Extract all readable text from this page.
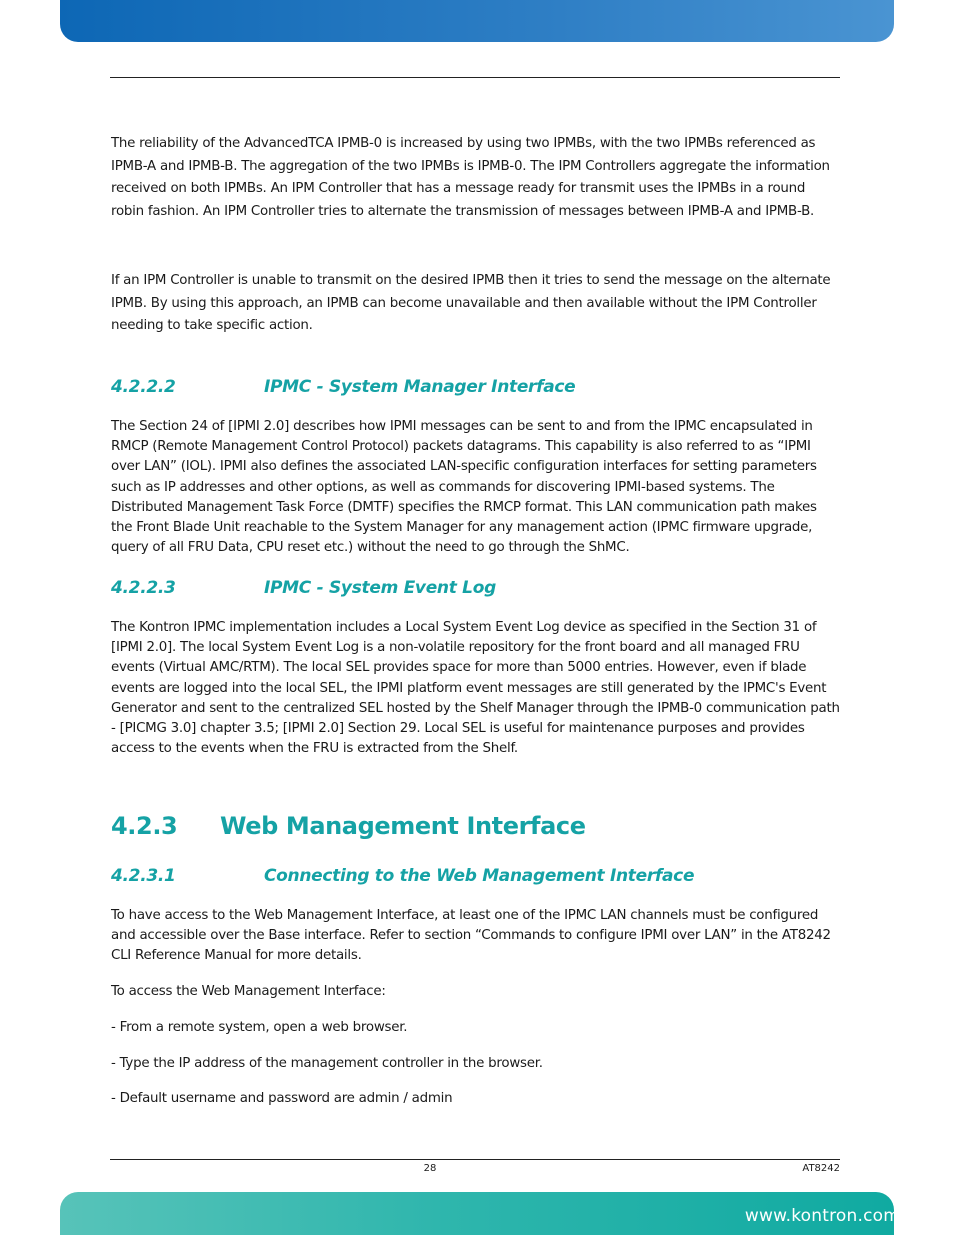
The reliability of the AdvancedTCA IPMB-0 is increased by using two IPMBs, with the two IPMBs referenced as IPMB-A and IPMB-B. The aggregation of the two IPMBs is IPMB-0. The IPM Controllers aggregate the information received on both IPMBs. An IPM Controller that has a message ready for transmit uses the IPMBs in a round robin fashion. An IPM Controller tries to alternate the transmission of messages between IPMB-A and IPMB-B.

If an IPM Controller is unable to transmit on the desired IPMB then it tries to send the message on the alternate IPMB. By using this approach, an IPMB can become unavailable and then available without the IPM Controller needing to take specific action.

4.2.2.2	IPMC - System Manager Interface

The Section 24 of [IPMI 2.0] describes how IPMI messages can be sent to and from the IPMC encapsulated in RMCP (Remote Management Control Protocol) packets datagrams. This capability is also referred to as “IPMI over LAN” (IOL). IPMI also defines the associated LAN-specific configuration interfaces for setting parameters such as IP addresses and other options, as well as commands for discovering IPMI-based systems. The Distributed Management Task Force (DMTF) specifies the RMCP format. This LAN communication path makes the Front Blade Unit reachable to the System Manager for any management action (IPMC firmware upgrade, query of all FRU Data, CPU reset etc.) without the need to go through the ShMC.

4.2.2.3	IPMC - System Event Log

The Kontron IPMC implementation includes a Local System Event Log device as specified in the Section 31 of [IPMI 2.0]. The local System Event Log is a non-volatile repository for the front board and all managed FRU events (Virtual AMC/RTM). The local SEL provides space for more than 5000 entries. However, even if blade events are logged into the local SEL, the IPMI platform event messages are still generated by the IPMC's Event Generator and sent to the centralized SEL hosted by the Shelf Manager through the IPMB-0 communication path - [PICMG 3.0] chapter 3.5; [IPMI 2.0] Section 29. Local SEL is useful for maintenance purposes and provides access to the events when the FRU is extracted from the Shelf.

4.2.3 Web Management Interface
4.2.3.1	Connecting to the Web Management Interface

To have access to the Web Management Interface, at least one of the IPMC LAN channels must be configured and accessible over the Base interface. Refer to section “Commands to configure IPMI over LAN” in the AT8242 CLI Reference Manual for more details.

To access the Web Management Interface:

- From a remote system, open a web browser.

- Type the IP address of the management controller in the browser.

- Default username and password are admin / admin

28	AT8242
www.kontron.com
